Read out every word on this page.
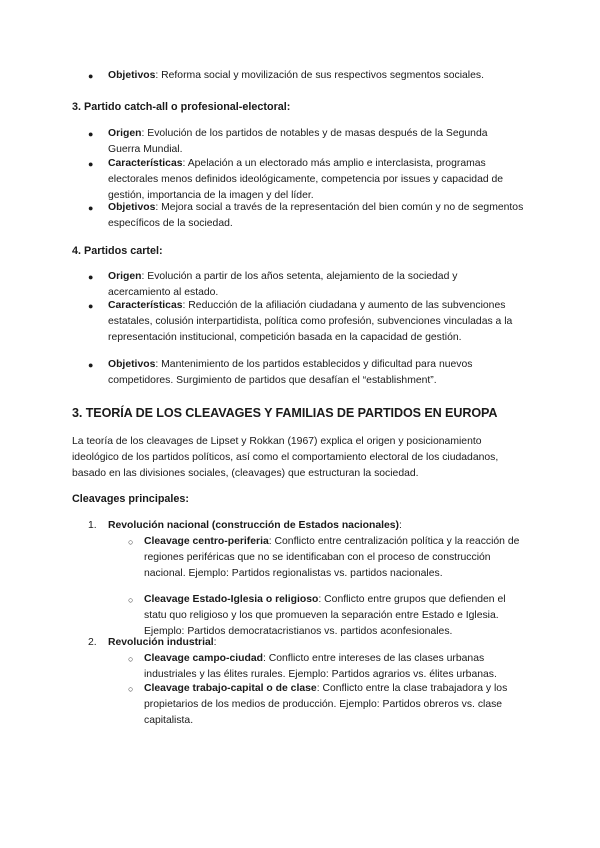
●	Objetivos: Reforma social y movilización de sus respectivos segmentos sociales.
3. Partido catch-all o profesional-electoral:
●	Origen: Evolución de los partidos de notables y de masas después de la Segunda Guerra Mundial.
●	Características: Apelación a un electorado más amplio e interclasista, programas electorales menos definidos ideológicamente, competencia por issues y capacidad de gestión, importancia de la imagen y del líder.
●	Objetivos: Mejora social a través de la representación del bien común y no de segmentos específicos de la sociedad.
4. Partidos cartel:
●	Origen: Evolución a partir de los años setenta, alejamiento de la sociedad y acercamiento al estado.
●	Características: Reducción de la afiliación ciudadana y aumento de las subvenciones estatales, colusión interpartidista, política como profesión, subvenciones vinculadas a la representación institucional, competición basada en la capacidad de gestión.
●	Objetivos: Mantenimiento de los partidos establecidos y dificultad para nuevos competidores. Surgimiento de partidos que desafían el “establishment”.
3. TEORÍA DE LOS CLEAVAGES Y FAMILIAS DE PARTIDOS EN EUROPA
La teoría de los cleavages de Lipset y Rokkan (1967) explica el origen y posicionamiento ideológico de los partidos políticos, así como el comportamiento electoral de los ciudadanos, basado en las divisiones sociales, (cleavages) que estructuran la sociedad.
Cleavages principales:
1. Revolución nacional (construcción de Estados nacionales):
○ Cleavage centro-periferia: Conflicto entre centralización política y la reacción de regiones periféricas que no se identificaban con el proceso de construcción nacional. Ejemplo: Partidos regionalistas vs. partidos nacionales.
○ Cleavage Estado-Iglesia o religioso: Conflicto entre grupos que defienden el statu quo religioso y los que promueven la separación entre Estado e Iglesia. Ejemplo: Partidos democratacristianos vs. partidos aconfesionales.
2. Revolución industrial:
○ Cleavage campo-ciudad: Conflicto entre intereses de las clases urbanas industriales y las élites rurales. Ejemplo: Partidos agrarios vs. élites urbanas.
○ Cleavage trabajo-capital o de clase: Conflicto entre la clase trabajadora y los propietarios de los medios de producción. Ejemplo: Partidos obreros vs. clase capitalista.
